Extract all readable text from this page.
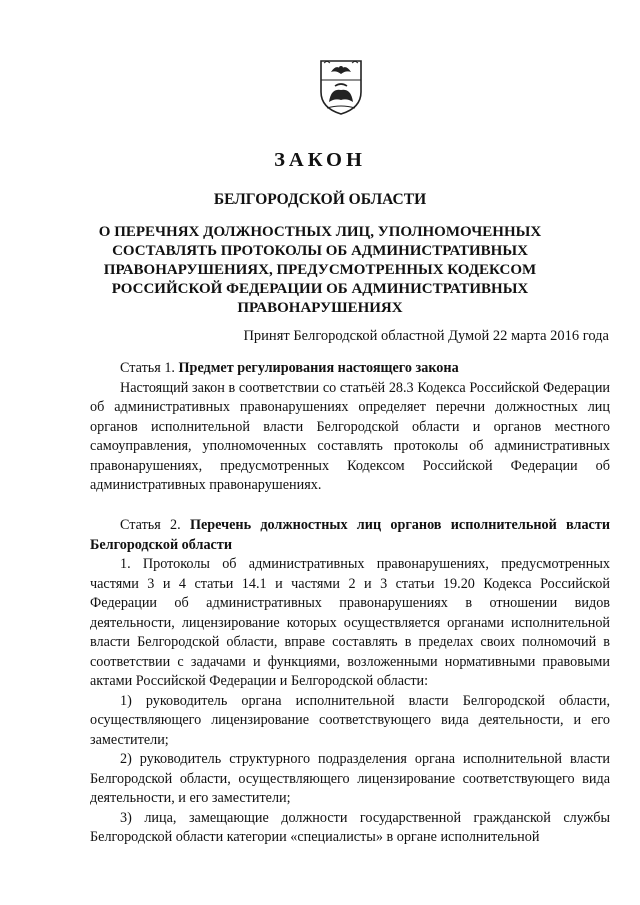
ЗАКОН
БЕЛГОРОДСКОЙ ОБЛАСТИ
О ПЕРЕЧНЯХ ДОЛЖНОСТНЫХ ЛИЦ, УПОЛНОМОЧЕННЫХ
СОСТАВЛЯТЬ ПРОТОКОЛЫ ОБ АДМИНИСТРАТИВНЫХ
ПРАВОНАРУШЕНИЯХ, ПРЕДУСМОТРЕННЫХ КОДЕКСОМ
РОССИЙСКОЙ ФЕДЕРАЦИИ ОБ АДМИНИСТРАТИВНЫХ
ПРАВОНАРУШЕНИЯХ
Принят Белгородской областной Думой 22 марта 2016 года

Статья 1. Предмет регулирования настоящего закона

Настоящий закон в соответствии со статьёй 28.3 Кодекса Российской Федерации об административных правонарушениях определяет перечни должностных лиц органов исполнительной власти Белгородской области и органов местного самоуправления, уполномоченных составлять протоколы об административных правонарушениях, предусмотренных Кодексом Российской Федерации об административных правонарушениях.

Статья 2. Перечень должностных лиц органов исполнительной власти Белгородской области

1. Протоколы об административных правонарушениях, предусмотренных частями 3 и 4 статьи 14.1 и частями 2 и 3 статьи 19.20 Кодекса Российской Федерации об административных правонарушениях в отношении видов деятельности, лицензирование которых осуществляется органами исполнительной власти Белгородской области, вправе составлять в пределах своих полномочий в соответствии с задачами и функциями, возложенными нормативными правовыми актами Российской Федерации и Белгородской области:

1) руководитель органа исполнительной власти Белгородской области, осуществляющего лицензирование соответствующего вида деятельности, и его заместители;

2) руководитель структурного подразделения органа исполнительной власти Белгородской области, осуществляющего лицензирование соответствующего вида деятельности, и его заместители;

3) лица, замещающие должности государственной гражданской службы Белгородской области категории «специалисты» в органе исполнительной
